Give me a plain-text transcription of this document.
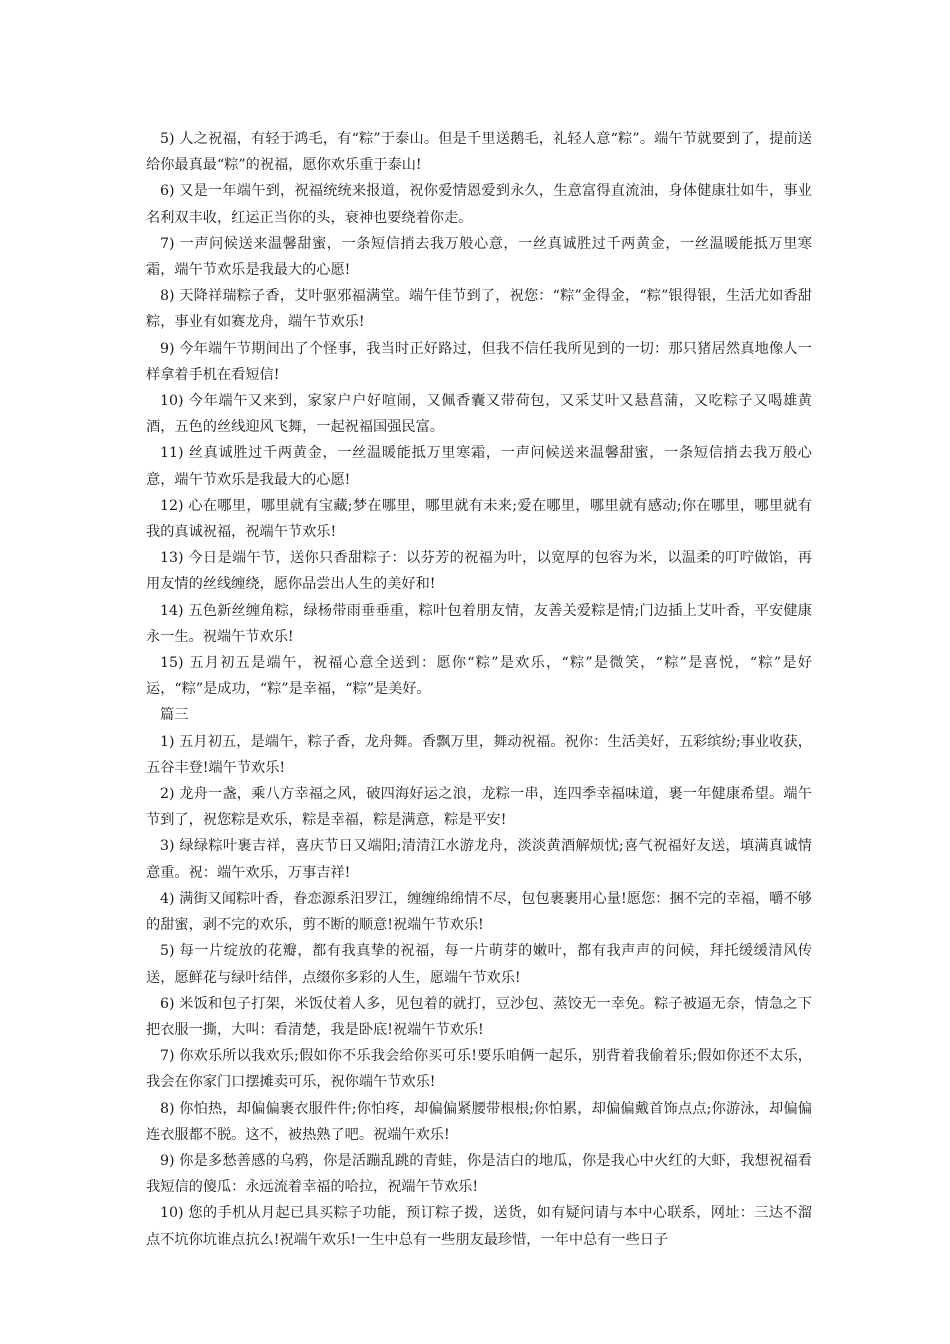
5) 人之祝福，有轻于鸿毛，有“粽”于泰山。但是千里送鹅毛，礼轻人意“粽”。端午节就要到了，提前送给你最真最“粽”的祝福，愿你欢乐重于泰山!

6) 又是一年端午到，祝福统统来报道，祝你爱情恩爱到永久，生意富得直流油，身体健康壮如牛，事业名利双丰收，红运正当你的头，衰神也要绕着你走。

7) 一声问候送来温馨甜蜜，一条短信捎去我万般心意，一丝真诚胜过千两黄金，一丝温暖能抵万里寒霜，端午节欢乐是我最大的心愿!

8) 天降祥瑞粽子香，艾叶驱邪福满堂。端午佳节到了，祝您：“粽”金得金，“粽”银得银，生活尤如香甜粽，事业有如赛龙舟，端午节欢乐!

9) 今年端午节期间出了个怪事，我当时正好路过，但我不信任我所见到的一切：那只猪居然真地像人一样拿着手机在看短信!

10) 今年端午又来到，家家户户好喧闹，又佩香囊又带荷包，又采艾叶又悬菖蒲，又吃粽子又喝雄黄酒，五色的丝线迎风飞舞，一起祝福国强民富。

11) 丝真诚胜过千两黄金，一丝温暖能抵万里寒霜，一声问候送来温馨甜蜜，一条短信捎去我万般心意，端午节欢乐是我最大的心愿!

12) 心在哪里，哪里就有宝藏;梦在哪里，哪里就有未来;爱在哪里，哪里就有感动;你在哪里，哪里就有我的真诚祝福，祝端午节欢乐!

13) 今日是端午节，送你只香甜粽子：以芬芳的祝福为叶，以宽厚的包容为米，以温柔的叮咛做馅，再用友情的丝线缠绕，愿你品尝出人生的美好和!

14) 五色新丝缠角粽，绿杨带雨垂垂重，粽叶包着朋友情，友善关爱粽是情;门边插上艾叶香，平安健康永一生。祝端午节欢乐!

15) 五月初五是端午，祝福心意全送到：愿你“粽”是欢乐，“粽”是微笑，“粽”是喜悦，“粽”是好运，“粽”是成功，“粽”是幸福，“粽”是美好。

篇三

1) 五月初五，是端午，粽子香，龙舟舞。香飘万里，舞动祝福。祝你：生活美好，五彩缤纷;事业收获，五谷丰登!端午节欢乐!

2) 龙舟一盏，乘八方幸福之风，破四海好运之浪，龙粽一串，连四季幸福味道，裹一年健康希望。端午节到了，祝您粽是欢乐，粽是幸福，粽是满意，粽是平安!

3) 绿绿粽叶裹吉祥，喜庆节日又端阳;清清江水游龙舟，淡淡黄酒解烦忧;喜气祝福好友送，填满真诚情意重。祝：端午欢乐，万事吉祥!

4) 满街又闻粽叶香，眷恋源系汨罗江，缠缠绵绵情不尽，包包裹裹用心量!愿您：捆不完的幸福，嚼不够的甜蜜，剥不完的欢乐，剪不断的顺意!祝端午节欢乐!

5) 每一片绽放的花瓣，都有我真挚的祝福，每一片萌芽的嫩叶，都有我声声的问候，拜托缓缓清风传送，愿鲜花与绿叶结伴，点缀你多彩的人生，愿端午节欢乐!

6) 米饭和包子打架，米饭仗着人多，见包着的就打，豆沙包、蒸饺无一幸免。粽子被逼无奈，情急之下把衣服一撕，大叫：看清楚，我是卧底!祝端午节欢乐!

7) 你欢乐所以我欢乐;假如你不乐我会给你买可乐!要乐咱俩一起乐，别背着我偷着乐;假如你还不太乐，我会在你家门口摆摊卖可乐，祝你端午节欢乐!

8) 你怕热，却偏偏裹衣服件件;你怕疼，却偏偏紧腰带根根;你怕累，却偏偏戴首饰点点;你游泳，却偏偏连衣服都不脱。这不，被热熟了吧。祝端午欢乐!

9) 你是多愁善感的乌鸦，你是活蹦乱跳的青蛙，你是洁白的地瓜，你是我心中火红的大虾，我想祝福看我短信的傻瓜：永远流着幸福的哈拉，祝端午节欢乐!

10) 您的手机从月起已具买粽子功能，预订粽子拨，送货，如有疑问请与本中心联系，网址：三达不溜点不坑你坑谁点抗么!祝端午欢乐!一生中总有一些朋友最珍惜，一年中总有一些日子
